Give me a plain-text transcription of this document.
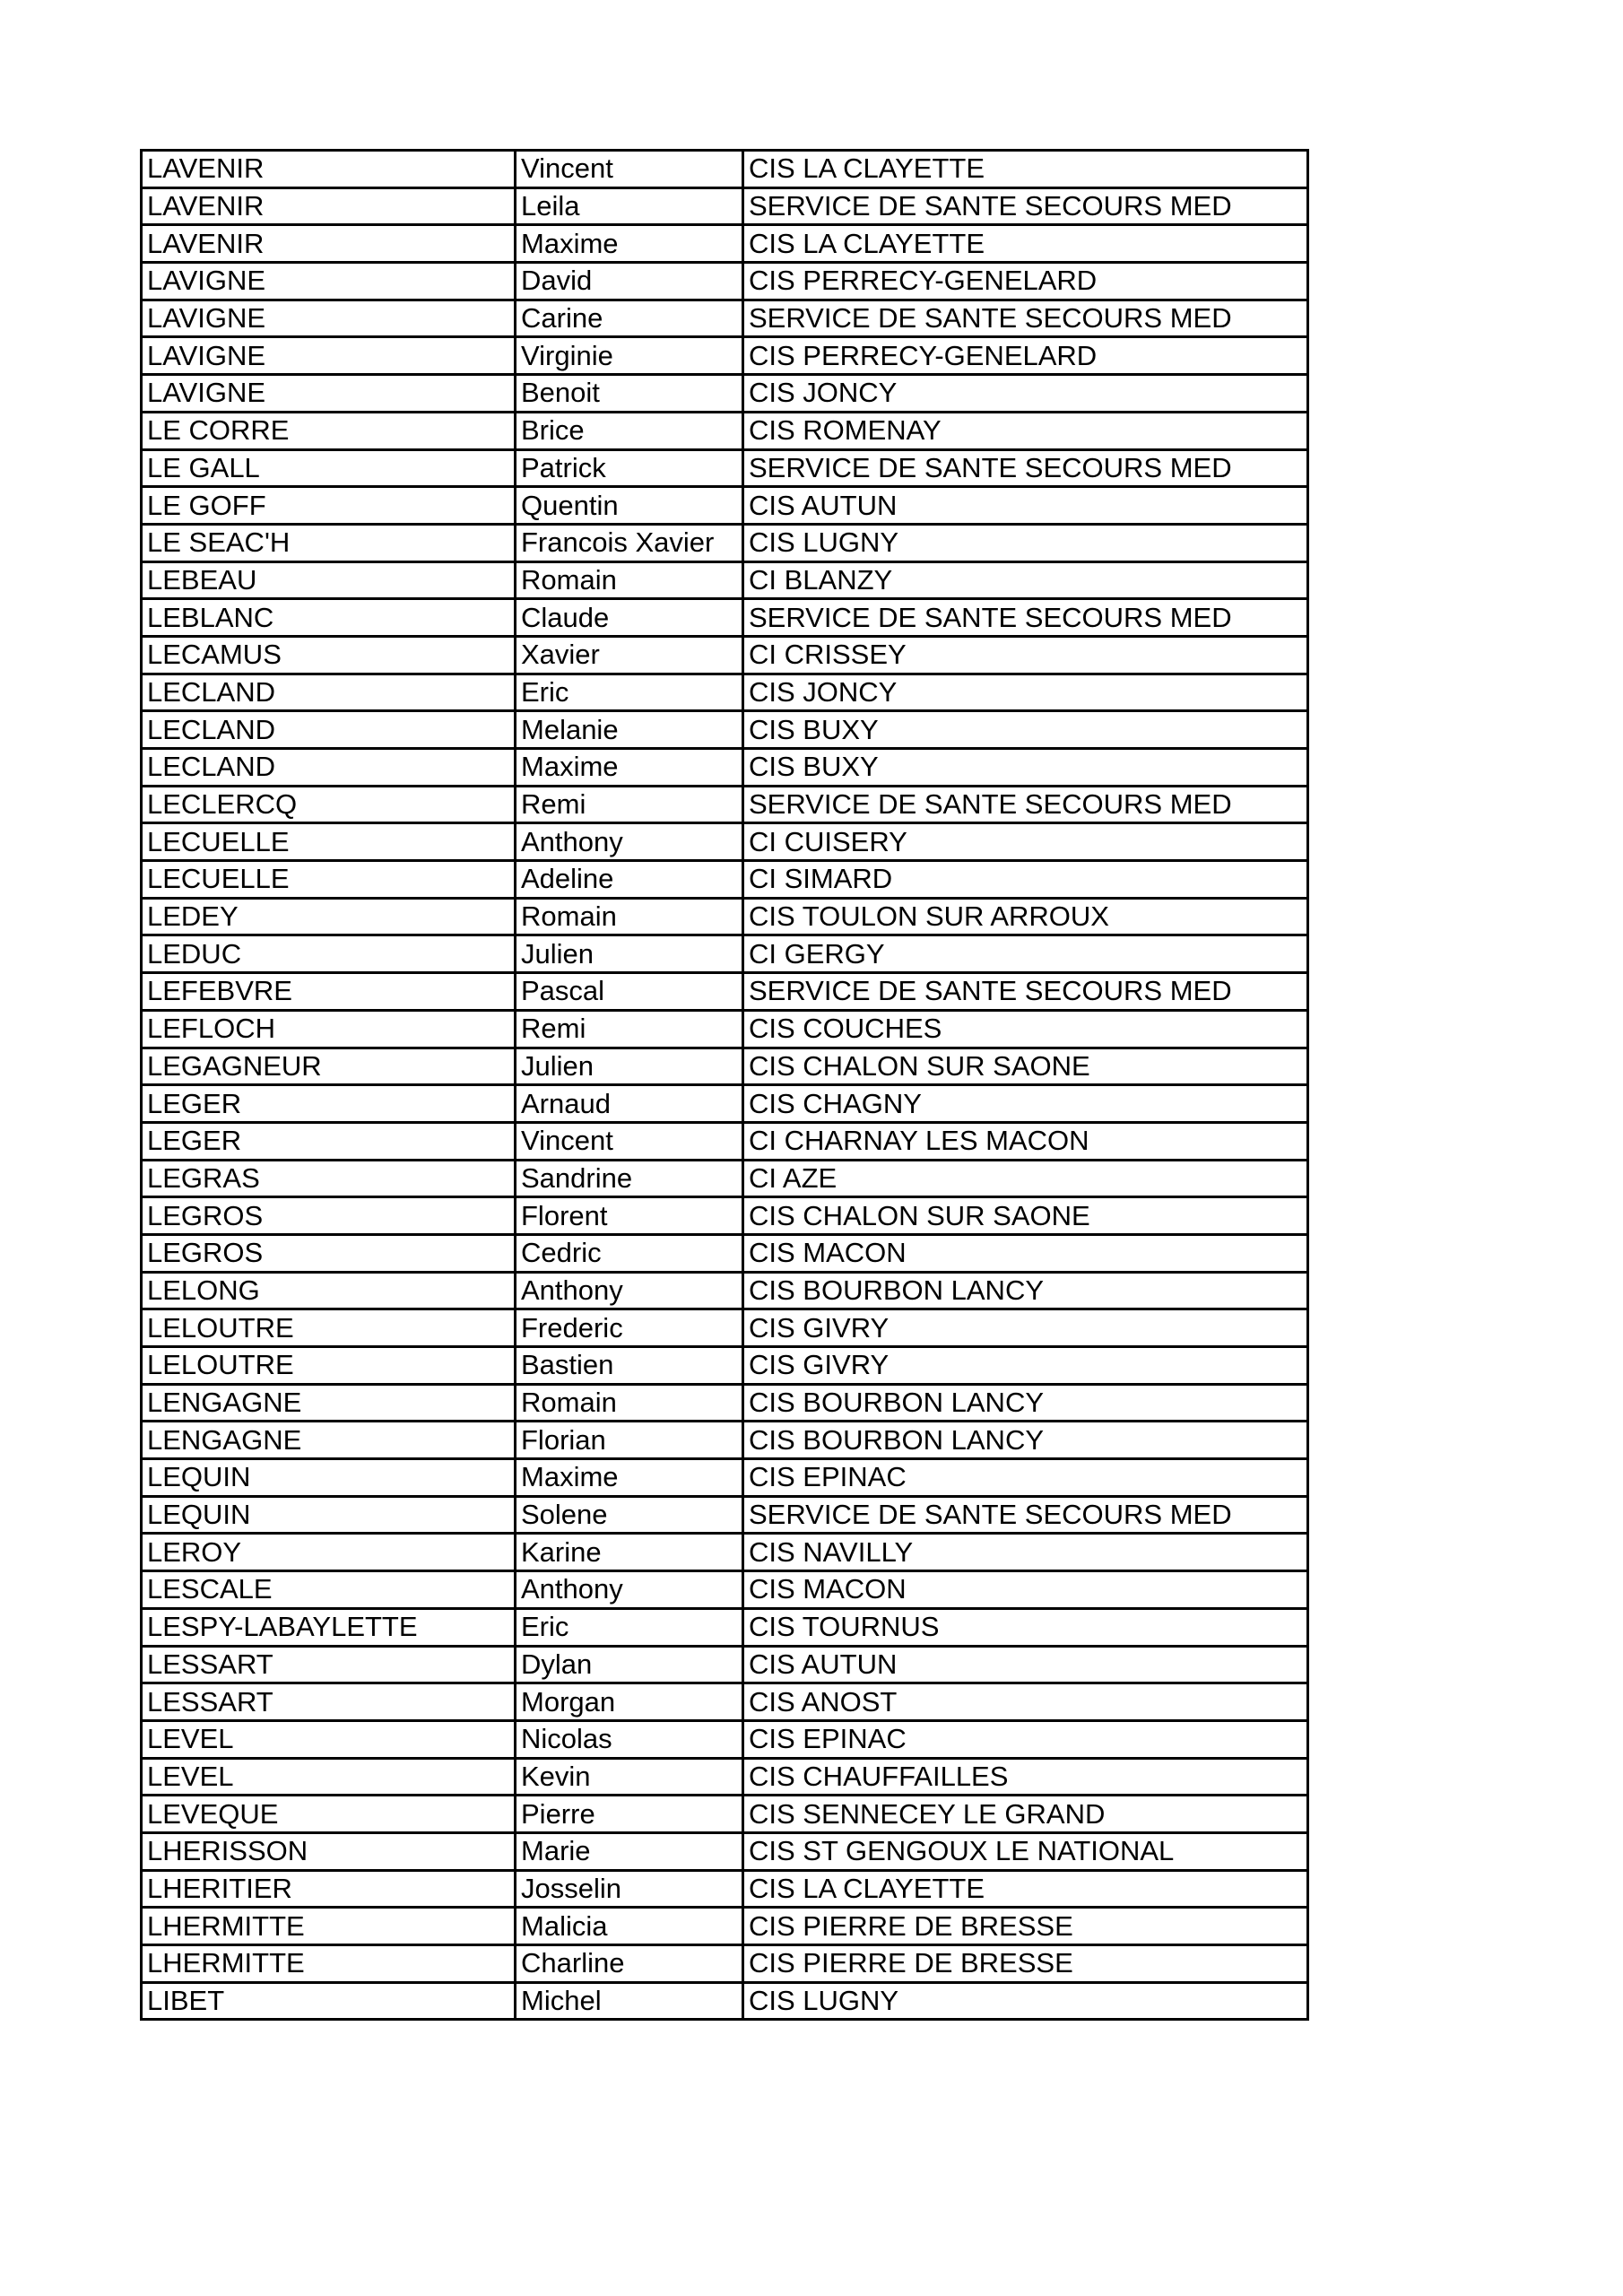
LAVENIR	Vincent	CIS LA CLAYETTE
LAVENIR	Leila	SERVICE DE SANTE SECOURS MED
LAVENIR	Maxime	CIS LA CLAYETTE
LAVIGNE	David	CIS PERRECY-GENELARD
LAVIGNE	Carine	SERVICE DE SANTE SECOURS MED
LAVIGNE	Virginie	CIS PERRECY-GENELARD
LAVIGNE	Benoit	CIS JONCY
LE CORRE	Brice	CIS ROMENAY
LE GALL	Patrick	SERVICE DE SANTE SECOURS MED
LE GOFF	Quentin	CIS AUTUN
LE SEAC'H	Francois Xavier	CIS LUGNY
LEBEAU	Romain	CI BLANZY
LEBLANC	Claude	SERVICE DE SANTE SECOURS MED
LECAMUS	Xavier	CI CRISSEY
LECLAND	Eric	CIS JONCY
LECLAND	Melanie	CIS BUXY
LECLAND	Maxime	CIS BUXY
LECLERCQ	Remi	SERVICE DE SANTE SECOURS MED
LECUELLE	Anthony	CI CUISERY
LECUELLE	Adeline	CI SIMARD
LEDEY	Romain	CIS TOULON SUR ARROUX
LEDUC	Julien	CI GERGY
LEFEBVRE	Pascal	SERVICE DE SANTE SECOURS MED
LEFLOCH	Remi	CIS COUCHES
LEGAGNEUR	Julien	CIS CHALON SUR SAONE
LEGER	Arnaud	CIS CHAGNY
LEGER	Vincent	CI CHARNAY LES MACON
LEGRAS	Sandrine	CI AZE
LEGROS	Florent	CIS CHALON SUR SAONE
LEGROS	Cedric	CIS MACON
LELONG	Anthony	CIS BOURBON LANCY
LELOUTRE	Frederic	CIS GIVRY
LELOUTRE	Bastien	CIS GIVRY
LENGAGNE	Romain	CIS BOURBON LANCY
LENGAGNE	Florian	CIS BOURBON LANCY
LEQUIN	Maxime	CIS EPINAC
LEQUIN	Solene	SERVICE DE SANTE SECOURS MED
LEROY	Karine	CIS NAVILLY
LESCALE	Anthony	CIS MACON
LESPY-LABAYLETTE	Eric	CIS TOURNUS
LESSART	Dylan	CIS AUTUN
LESSART	Morgan	CIS ANOST
LEVEL	Nicolas	CIS EPINAC
LEVEL	Kevin	CIS CHAUFFAILLES
LEVEQUE	Pierre	CIS SENNECEY LE GRAND
LHERISSON	Marie	CIS ST GENGOUX LE NATIONAL
LHERITIER	Josselin	CIS LA CLAYETTE
LHERMITTE	Malicia	CIS PIERRE DE BRESSE
LHERMITTE	Charline	CIS PIERRE DE BRESSE
LIBET	Michel	CIS LUGNY
